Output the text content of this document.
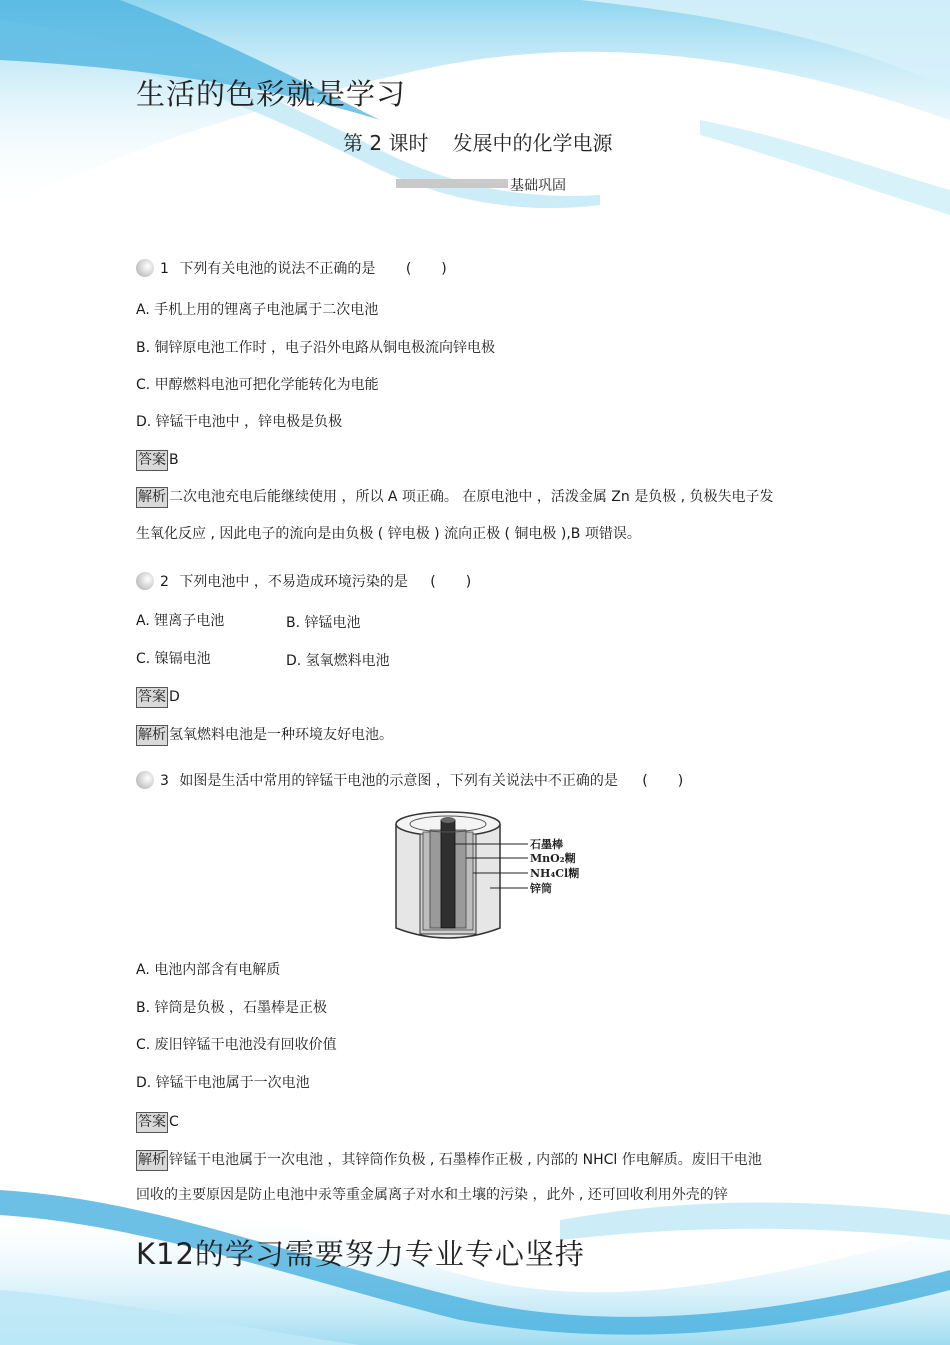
生活的色彩就是学习
第 2 课时 发展中的化学电源
基础巩固
1 下列有关电池的说法不正确的是 ( )
A. 手机上用的锂离子电池属于二次电池
B. 铜锌原电池工作时 ，电子沿外电路从铜电极流向锌电极
C. 甲醇燃料电池可把化学能转化为电能
D. 锌锰干电池中 ，锌电极是负极
答案 B
解析 二次电池充电后能继续使用 ，所以 A 项正确。 在原电池中 ，活泼金属 Zn 是负极 , 负极失电子发
生氧化反应 , 因此电子的流向是由负极 ( 锌电极 ) 流向正极 ( 铜电极 ),B 项错误。
2 下列电池中 ，不易造成环境污染的是 ( )
A. 锂离子电池	B. 锌锰电池
C. 镍镉电池	D. 氢氧燃料电池
答案 D
解析 氢氧燃料电池是一种环境友好电池。
3 如图是生活中常用的锌锰干电池的示意图 ，下列有关说法中不正确的是 ( )
石墨棒
MnO₂糊
NH₄Cl糊
锌筒
A. 电池内部含有电解质
B. 锌筒是负极 ，石墨棒是正极
C. 废旧锌锰干电池没有回收价值
D. 锌锰干电池属于一次电池
答案 C
解析 锌锰干电池属于一次电池 ，其锌筒作负极 , 石墨棒作正极 , 内部的 NHCl 作电解质。废旧干电池
回收的主要原因是防止电池中汞等重金属离子对水和土壤的污染 ，此外 , 还可回收利用外壳的锌
K12的学习需要努力专业专心坚持
